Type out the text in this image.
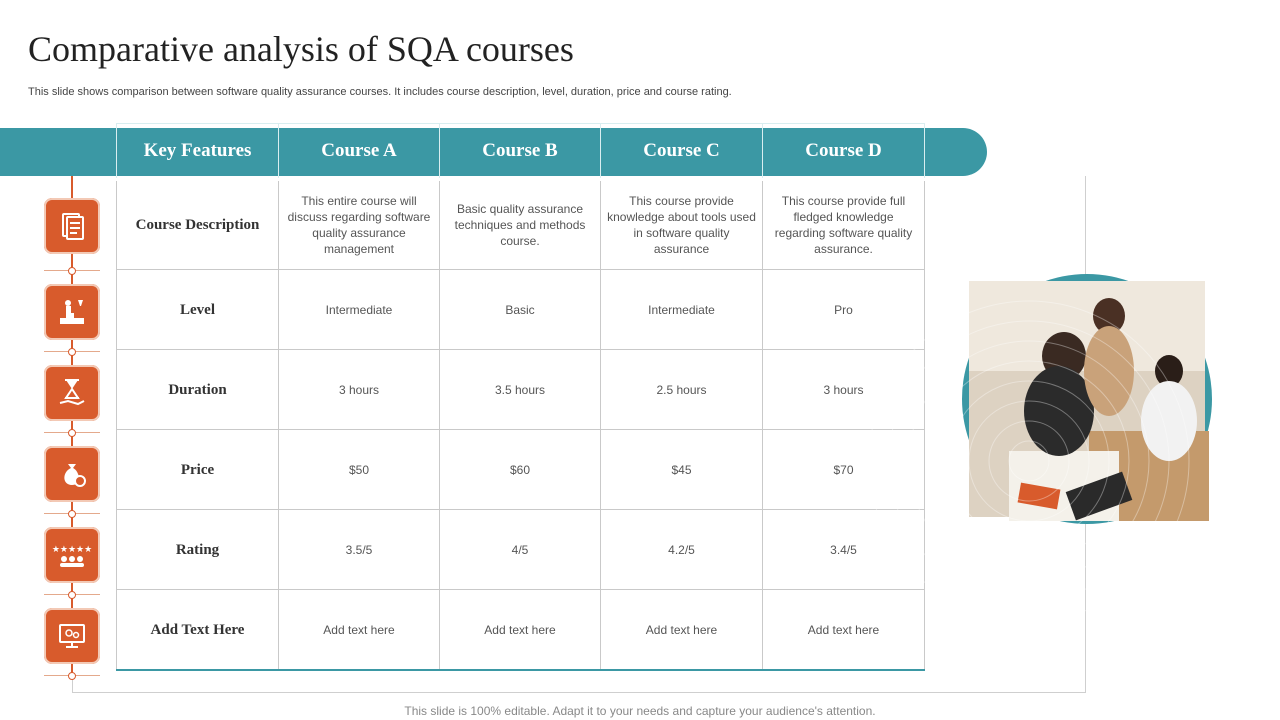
Comparative analysis of SQA courses
This slide shows comparison between software quality assurance courses. It includes course description, level, duration, price and course rating.
Key Features	Course A	Course B	Course C	Course D
Course Description	This entire course will discuss regarding software quality assurance management	Basic quality assurance techniques and methods course.	This course provide knowledge about tools used in software quality assurance	This course provide full fledged knowledge regarding software quality assurance.
Level	Intermediate	Basic	Intermediate	Pro
Duration	3 hours	3.5 hours	2.5 hours	3 hours
Price	$50	$60	$45	$70
Rating	3.5/5	4/5	4.2/5	3.4/5
Add Text Here	Add text here	Add text here	Add text here	Add text here
★★★★★
This slide is 100% editable. Adapt it to your needs and capture your audience's attention.
